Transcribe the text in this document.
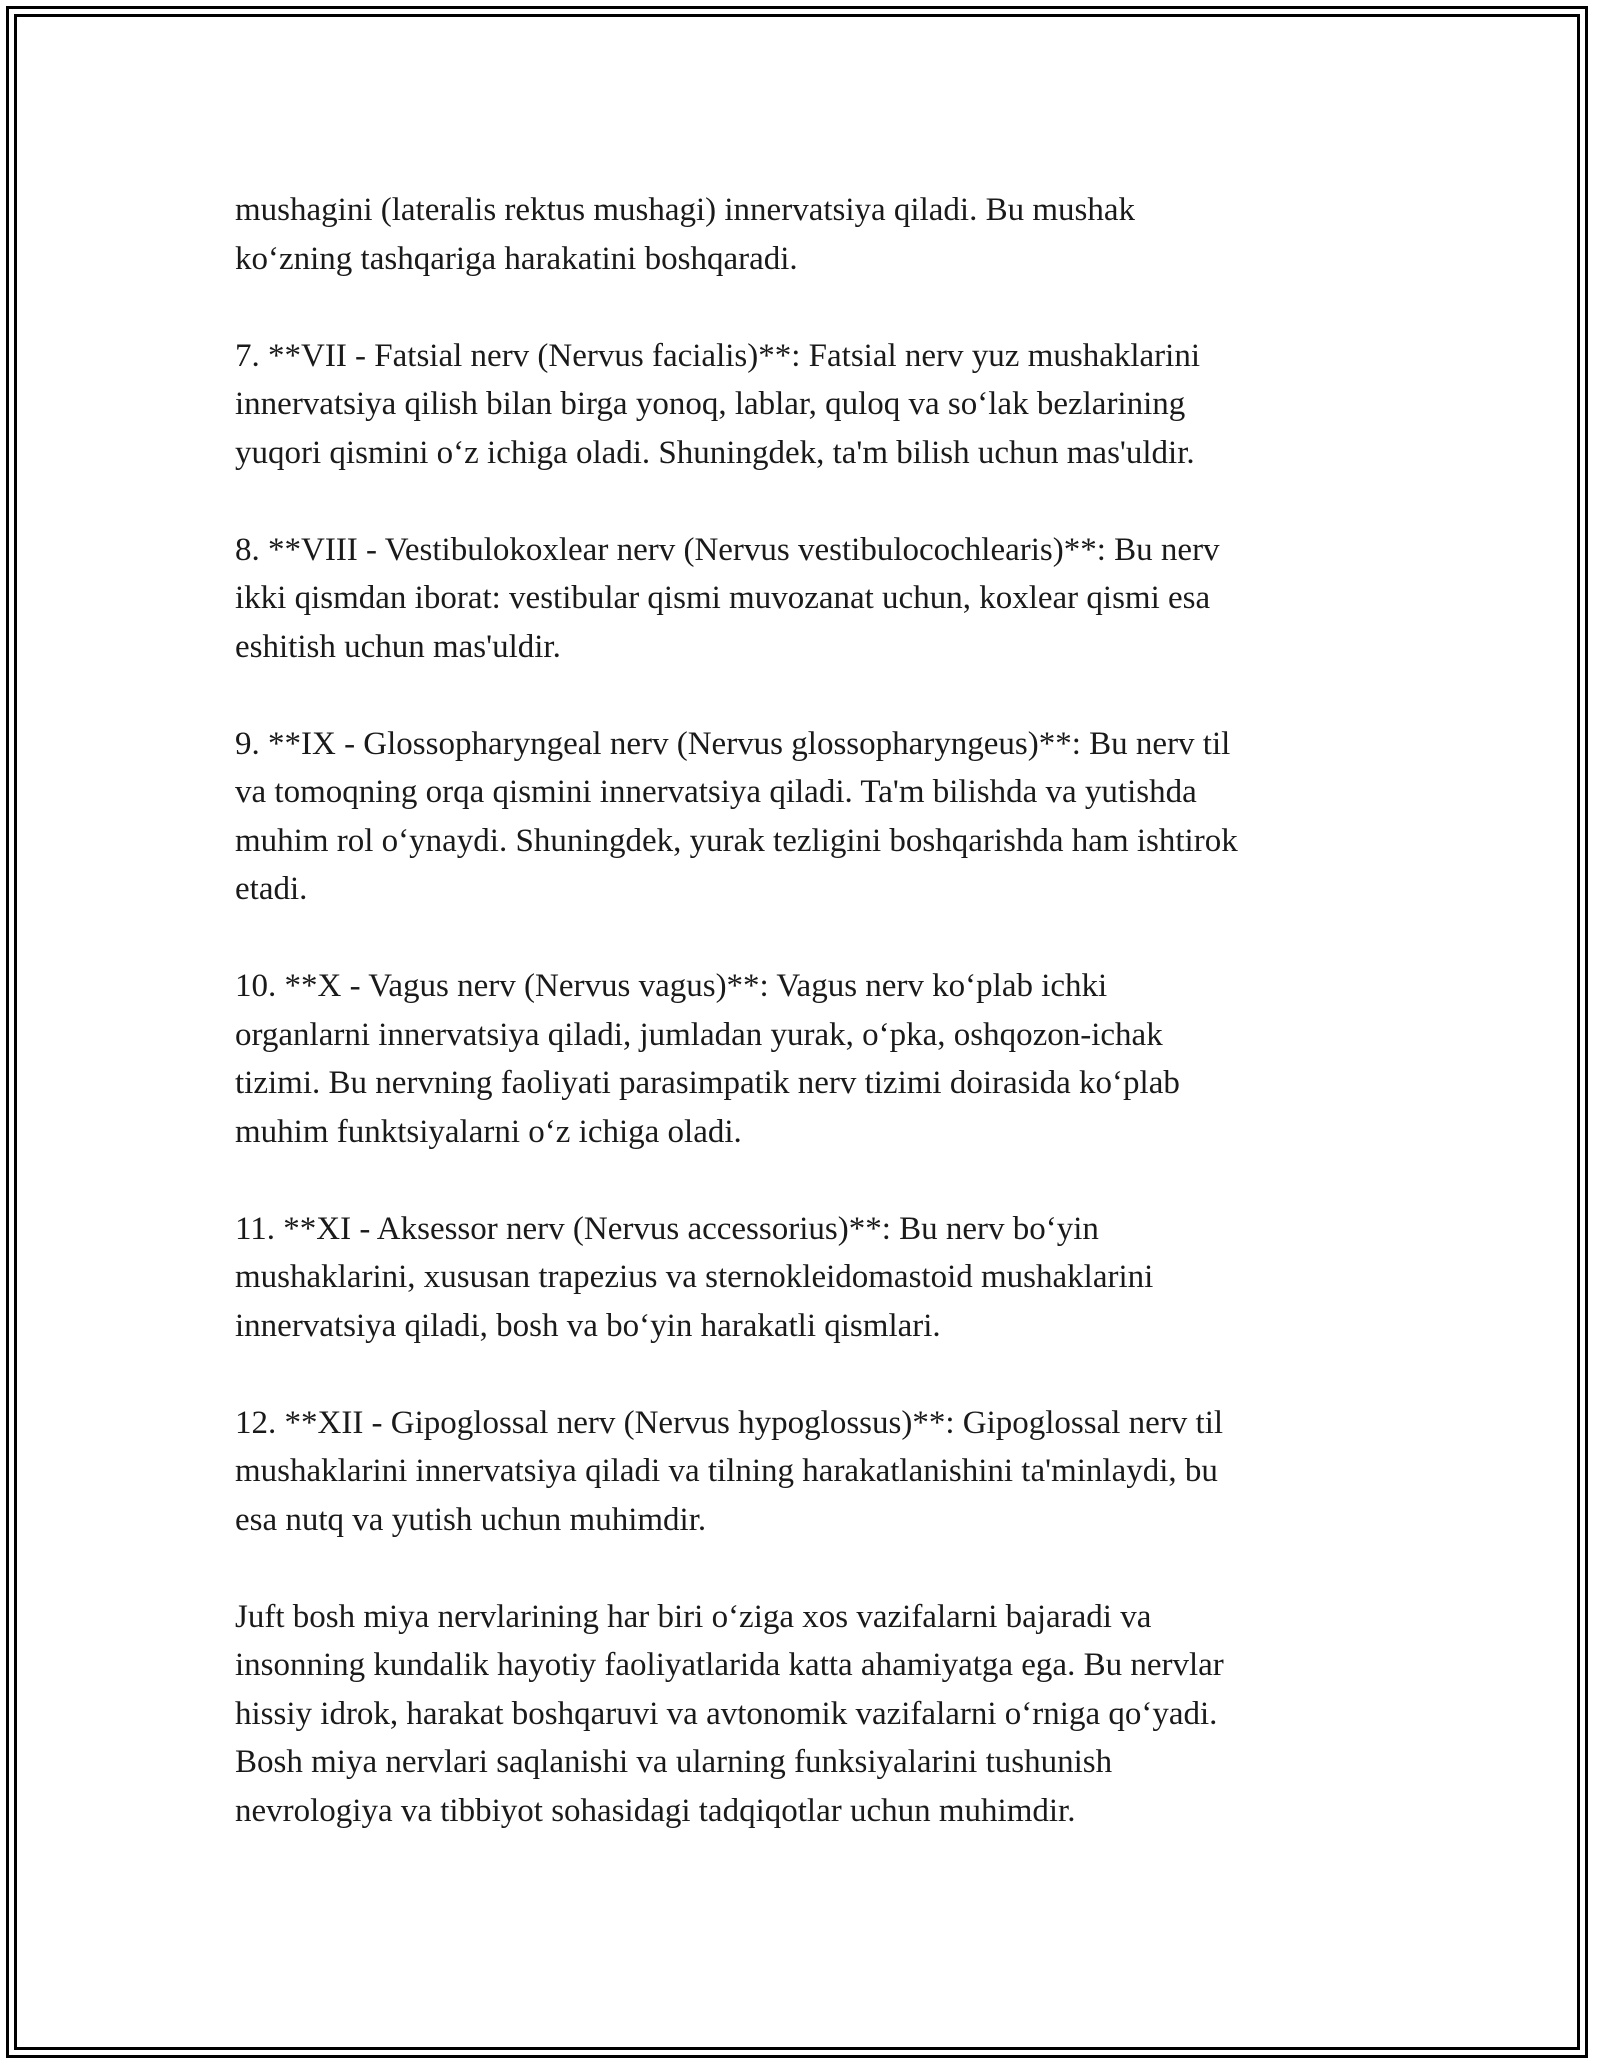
mushagini (lateralis rektus mushagi) innervatsiya qiladi. Bu mushak
ko‘zning tashqariga harakatini boshqaradi.

7. **VII - Fatsial nerv (Nervus facialis)**: Fatsial nerv yuz mushaklarini
innervatsiya qilish bilan birga yonoq, lablar, quloq va so‘lak bezlarining
yuqori qismini o‘z ichiga oladi. Shuningdek, ta'm bilish uchun mas'uldir.

8. **VIII - Vestibulokoxlear nerv (Nervus vestibulocochlearis)**: Bu nerv
ikki qismdan iborat: vestibular qismi muvozanat uchun, koxlear qismi esa
eshitish uchun mas'uldir.

9. **IX - Glossopharyngeal nerv (Nervus glossopharyngeus)**: Bu nerv til
va tomoqning orqa qismini innervatsiya qiladi. Ta'm bilishda va yutishda
muhim rol o‘ynaydi. Shuningdek, yurak tezligini boshqarishda ham ishtirok
etadi.

10. **X - Vagus nerv (Nervus vagus)**: Vagus nerv ko‘plab ichki
organlarni innervatsiya qiladi, jumladan yurak, o‘pka, oshqozon-ichak
tizimi. Bu nervning faoliyati parasimpatik nerv tizimi doirasida ko‘plab
muhim funktsiyalarni o‘z ichiga oladi.

11. **XI - Aksessor nerv (Nervus accessorius)**: Bu nerv bo‘yin
mushaklarini, xususan trapezius va sternokleidomastoid mushaklarini
innervatsiya qiladi, bosh va bo‘yin harakatli qismlari.

12. **XII - Gipoglossal nerv (Nervus hypoglossus)**: Gipoglossal nerv til
mushaklarini innervatsiya qiladi va tilning harakatlanishini ta'minlaydi, bu
esa nutq va yutish uchun muhimdir.

Juft bosh miya nervlarining har biri o‘ziga xos vazifalarni bajaradi va
insonning kundalik hayotiy faoliyatlarida katta ahamiyatga ega. Bu nervlar
hissiy idrok, harakat boshqaruvi va avtonomik vazifalarni o‘rniga qo‘yadi.
Bosh miya nervlari saqlanishi va ularning funksiyalarini tushunish
nevrologiya va tibbiyot sohasidagi tadqiqotlar uchun muhimdir.
